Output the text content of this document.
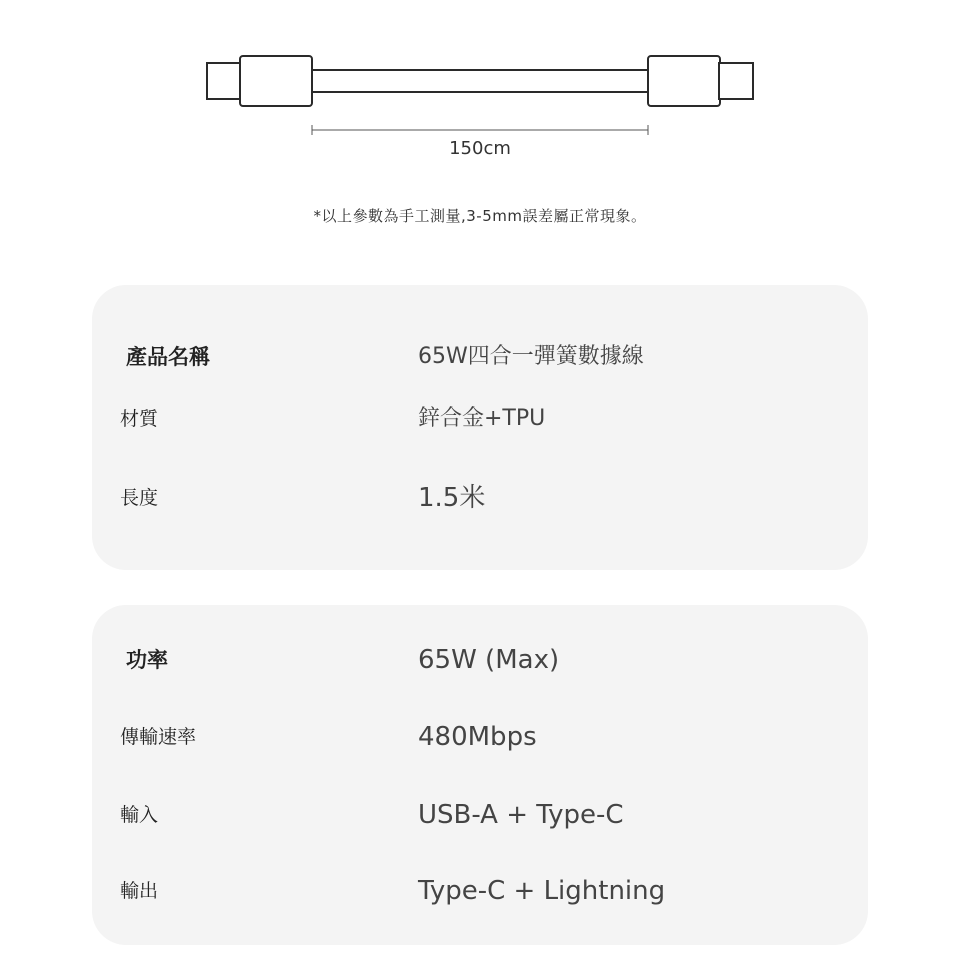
150cm
*以上參數為手工測量,3-5mm誤差屬正常現象。
產品名稱	65W四合一彈簧數據線
材質	鋅合金+TPU
長度	1.5米
功率	65W (Max)
傳輸速率	480Mbps
輸入	USB-A + Type-C
輸出	Type-C + Lightning
